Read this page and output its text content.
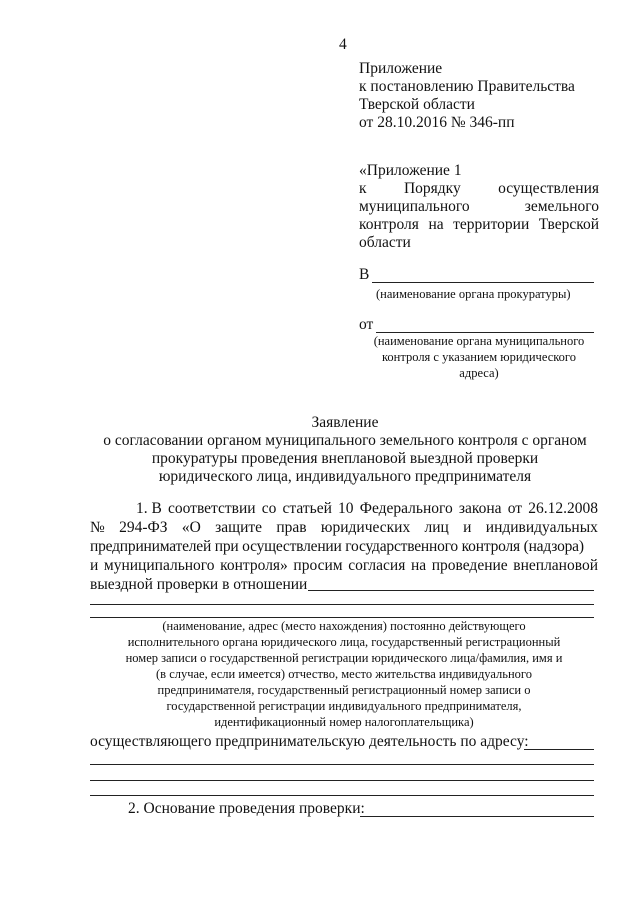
4
Приложение
к постановлению Правительства
Тверской области
от 28.10.2016 № 346-пп
«Приложение 1
к Порядку осуществления
муниципального	земельного
контроля на территории Тверской
области
В
(наименование органа прокуратуры)
от
(наименование органа муниципального
контроля с указанием юридического
адреса)
Заявление
о согласовании органом муниципального земельного контроля с органом
прокуратуры проведения внеплановой выездной проверки
юридического лица, индивидуального предпринимателя
1. В соответствии со статьей 10 Федерального закона от 26.12.2008
№ 294-ФЗ «О защите прав юридических лиц и индивидуальных
предпринимателей при осуществлении государственного контроля (надзора)
и муниципального контроля» просим согласия на проведение внеплановой
выездной проверки в отношении
(наименование, адрес (место нахождения) постоянно действующего
исполнительного органа юридического лица, государственный регистрационный
номер записи о государственной регистрации юридического лица/фамилия, имя и
(в случае, если имеется) отчество, место жительства индивидуального
предпринимателя, государственный регистрационный номер записи о
государственной регистрации индивидуального предпринимателя,
идентификационный номер налогоплательщика)
осуществляющего предпринимательскую деятельность по адресу:
2. Основание проведения проверки:
